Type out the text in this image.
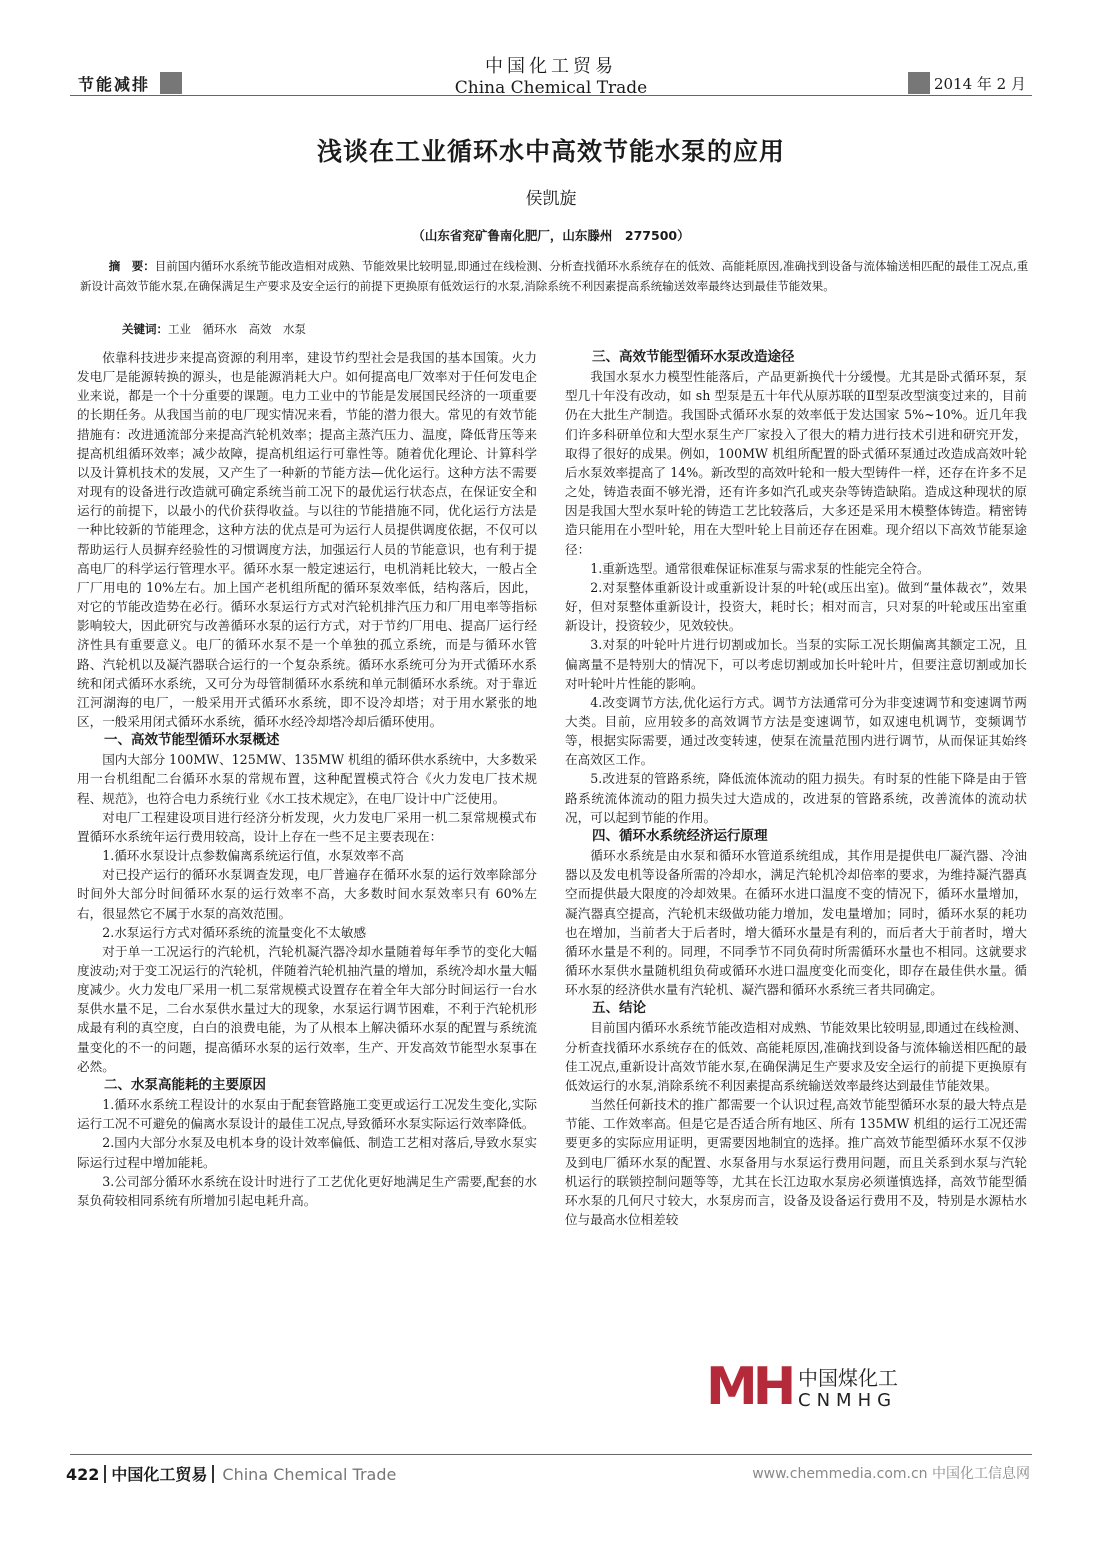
节能减排
中国化工贸易
China Chemical Trade	2014 年 2 月
浅谈在工业循环水中高效节能水泵的应用
侯凯旋
（山东省兖矿鲁南化肥厂，山东滕州　277500）
摘　要：目前国内循环水系统节能改造相对成熟、节能效果比较明显,即通过在线检测、分析查找循环水系统存在的低效、高能耗原因,准确找到设备与流体输送相匹配的最佳工况点,重新设计高效节能水泵,在确保满足生产要求及安全运行的前提下更换原有低效运行的水泵,消除系统不利因素提高系统输送效率最终达到最佳节能效果。
关键词：工业　循环水　高效　水泵

依靠科技进步来提高资源的利用率，建设节约型社会是我国的基本国策。火力发电厂是能源转换的源头，也是能源消耗大户。如何提高电厂效率对于任何发电企业来说，都是一个十分重要的课题。电力工业中的节能是发展国民经济的一项重要的长期任务。从我国当前的电厂现实情况来看，节能的潜力很大。常见的有效节能措施有：改进通流部分来提高汽轮机效率；提高主蒸汽压力、温度，降低背压等来提高机组循环效率；减少故障，提高机组运行可靠性等。随着优化理论、计算科学以及计算机技术的发展，又产生了一种新的节能方法—优化运行。这种方法不需要对现有的设备进行改造就可确定系统当前工况下的最优运行状态点，在保证安全和运行的前提下，以最小的代价获得收益。与以往的节能措施不同，优化运行方法是一种比较新的节能理念，这种方法的优点是可为运行人员提供调度依据，不仅可以帮助运行人员摒弃经验性的习惯调度方法，加强运行人员的节能意识，也有利于提高电厂的科学运行管理水平。循环水泵一般定速运行，电机消耗比较大，一般占全厂厂用电的 10%左右。加上国产老机组所配的循环泵效率低，结构落后，因此，对它的节能改造势在必行。循环水泵运行方式对汽轮机排汽压力和厂用电率等指标影响较大，因此研究与改善循环水泵的运行方式，对于节约厂用电、提高厂运行经济性具有重要意义。电厂的循环水泵不是一个单独的孤立系统，而是与循环水管路、汽轮机以及凝汽器联合运行的一个复杂系统。循环水系统可分为开式循环水系统和闭式循环水系统，又可分为母管制循环水系统和单元制循环水系统。对于靠近江河湖海的电厂，一般采用开式循环水系统，即不设冷却塔；对于用水紧张的地区，一般采用闭式循环水系统，循环水经冷却塔冷却后循环使用。

一、高效节能型循环水泵概述

国内大部分 100MW、125MW、135MW 机组的循环供水系统中，大多数采用一台机组配二台循环水泵的常规布置，这种配置模式符合《火力发电厂技术规程、规范》，也符合电力系统行业《水工技术规定》，在电厂设计中广泛使用。

对电厂工程建设项目进行经济分析发现，火力发电厂采用一机二泵常规模式布置循环水系统年运行费用较高，设计上存在一些不足主要表现在：

1.循环水泵设计点参数偏离系统运行值，水泵效率不高

对已投产运行的循环水泵调查发现，电厂普遍存在循环水泵的运行效率除部分时间外大部分时间循环水泵的运行效率不高，大多数时间水泵效率只有 60%左右，很显然它不属于水泵的高效范围。

2.水泵运行方式对循环系统的流量变化不太敏感

对于单一工况运行的汽轮机，汽轮机凝汽器冷却水量随着每年季节的变化大幅度波动;对于变工况运行的汽轮机，伴随着汽轮机抽汽量的增加，系统冷却水量大幅度减少。火力发电厂采用一机二泵常规模式设置存在着全年大部分时间运行一台水泵供水量不足，二台水泵供水量过大的现象，水泵运行调节困难，不利于汽轮机形成最有利的真空度，白白的浪费电能，为了从根本上解决循环水泵的配置与系统流量变化的不一的问题，提高循环水泵的运行效率，生产、开发高效节能型水泵事在必然。

二、水泵高能耗的主要原因

1.循环水系统工程设计的水泵由于配套管路施工变更或运行工况发生变化,实际运行工况不可避免的偏离水泵设计的最佳工况点,导致循环水泵实际运行效率降低。

2.国内大部分水泵及电机本身的设计效率偏低、制造工艺相对落后,导致水泵实际运行过程中增加能耗。

3.公司部分循环水系统在设计时进行了工艺优化更好地满足生产需要,配套的水泵负荷较相同系统有所增加引起电耗升高。

三、高效节能型循环水泵改造途径

我国水泵水力模型性能落后，产品更新换代十分缓慢。尤其是卧式循环泵，泵型几十年没有改动，如 sh 型泵是五十年代从原苏联的Ⅱ型泵改型演变过来的，目前仍在大批生产制造。我国卧式循环水泵的效率低于发达国家 5%~10%。近几年我们许多科研单位和大型水泵生产厂家投入了很大的精力进行技术引进和研究开发，取得了很好的成果。例如，100MW 机组所配置的卧式循环泵通过改造成高效叶轮后水泵效率提高了 14%。新改型的高效叶轮和一般大型铸件一样，还存在许多不足之处，铸造表面不够光滑，还有许多如汽孔或夹杂等铸造缺陷。造成这种现状的原因是我国大型水泵叶轮的铸造工艺比较落后，大多还是采用木模整体铸造。精密铸造只能用在小型叶轮，用在大型叶轮上目前还存在困难。现介绍以下高效节能泵途径：

1.重新选型。通常很难保证标准泵与需求泵的性能完全符合。

2.对泵整体重新设计或重新设计泵的叶轮(或压出室)。做到“量体裁衣”，效果好，但对泵整体重新设计，投资大，耗时长；相对而言，只对泵的叶轮或压出室重新设计，投资较少，见效较快。

3.对泵的叶轮叶片进行切割或加长。当泵的实际工况长期偏离其额定工况，且偏离量不是特别大的情况下，可以考虑切割或加长叶轮叶片，但要注意切割或加长对叶轮叶片性能的影响。

4.改变调节方法,优化运行方式。调节方法通常可分为非变速调节和变速调节两大类。目前，应用较多的高效调节方法是变速调节，如双速电机调节，变频调节等，根据实际需要，通过改变转速，使泵在流量范围内进行调节，从而保证其始终在高效区工作。

5.改进泵的管路系统，降低流体流动的阻力损失。有时泵的性能下降是由于管路系统流体流动的阻力损失过大造成的，改进泵的管路系统，改善流体的流动状况，可以起到节能的作用。

四、循环水系统经济运行原理

循环水系统是由水泵和循环水管道系统组成，其作用是提供电厂凝汽器、冷油器以及发电机等设备所需的冷却水，满足汽轮机冷却倍率的要求，为维持凝汽器真空而提供最大限度的冷却效果。在循环水进口温度不变的情况下，循环水量增加，凝汽器真空提高，汽轮机末级做功能力增加，发电量增加；同时，循环水泵的耗功也在增加，当前者大于后者时，增大循环水量是有利的，而后者大于前者时，增大循环水量是不利的。同理，不同季节不同负荷时所需循环水量也不相同。这就要求循环水泵供水量随机组负荷或循环水进口温度变化而变化，即存在最佳供水量。循环水泵的经济供水量有汽轮机、凝汽器和循环水系统三者共同确定。

五、结论

目前国内循环水系统节能改造相对成熟、节能效果比较明显,即通过在线检测、分析查找循环水系统存在的低效、高能耗原因,准确找到设备与流体输送相匹配的最佳工况点,重新设计高效节能水泵,在确保满足生产要求及安全运行的前提下更换原有低效运行的水泵,消除系统不利因素提高系统输送效率最终达到最佳节能效果。

当然任何新技术的推广都需要一个认识过程,高效节能型循环水泵的最大特点是节能、工作效率高。但是它是否适合所有地区、所有 135MW 机组的运行工况还需要更多的实际应用证明，更需要因地制宜的选择。推广高效节能型循环水泵不仅涉及到电厂循环水泵的配置、水泵备用与水泵运行费用问题，而且关系到水泵与汽轮机运行的联锁控制问题等等，尤其在长江边取水泵房必须谨慎选择，高效节能型循环水泵的几何尺寸较大，水泵房而言，设备及设备运行费用不及，特别是水源枯水位与最高水位相差较

MH 中国煤化工
CNMHG
422 中国化工贸易 China Chemical Trade	www.chemmedia.com.cn 中国化工信息网
